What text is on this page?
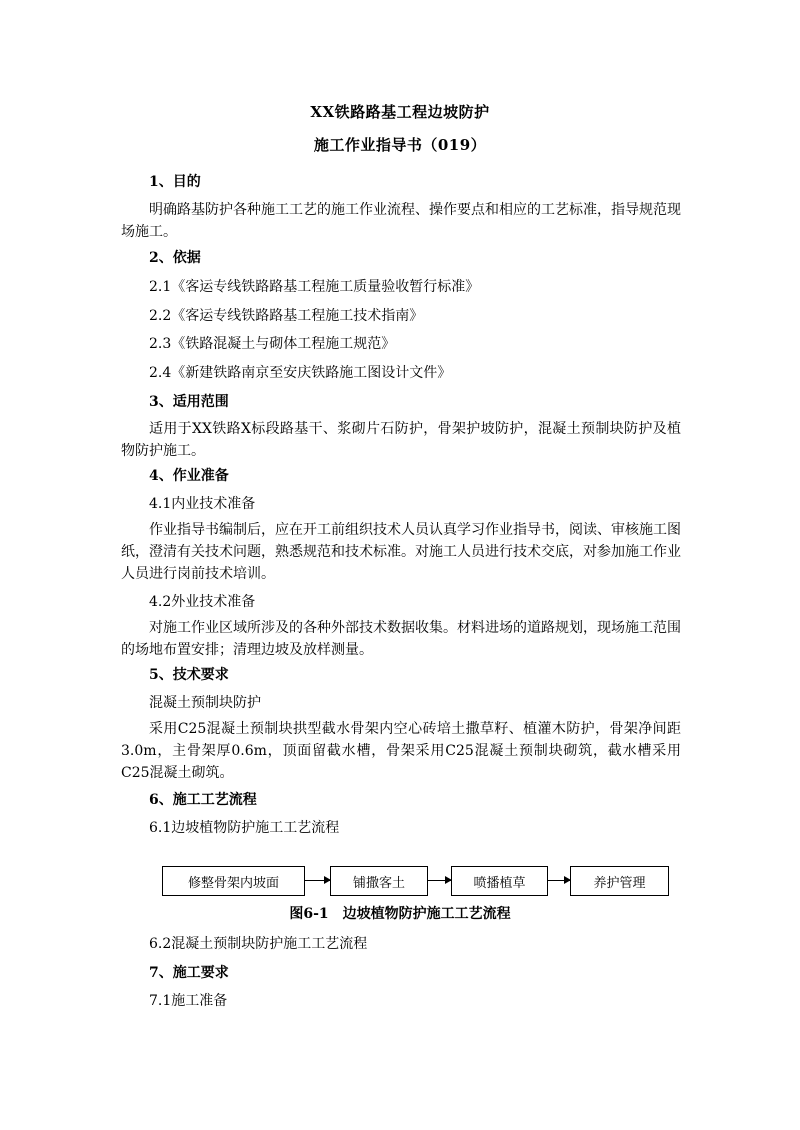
XX铁路路基工程边坡防护
施工作业指导书（019）
1、目的
明确路基防护各种施工工艺的施工作业流程、操作要点和相应的工艺标准，指导规范现场施工。
2、依据
2.1《客运专线铁路路基工程施工质量验收暂行标准》
2.2《客运专线铁路路基工程施工技术指南》
2.3《铁路混凝土与砌体工程施工规范》
2.4《新建铁路南京至安庆铁路施工图设计文件》
3、适用范围
适用于XX铁路X标段路基干、浆砌片石防护，骨架护坡防护，混凝土预制块防护及植物防护施工。
4、作业准备
4.1内业技术准备
作业指导书编制后，应在开工前组织技术人员认真学习作业指导书，阅读、审核施工图纸，澄清有关技术问题，熟悉规范和技术标准。对施工人员进行技术交底，对参加施工作业人员进行岗前技术培训。
4.2外业技术准备
对施工作业区域所涉及的各种外部技术数据收集。材料进场的道路规划，现场施工范围的场地布置安排；清理边坡及放样测量。
5、技术要求
混凝土预制块防护
采用C25混凝土预制块拱型截水骨架内空心砖培土撒草籽、植灌木防护，骨架净间距3.0m，主骨架厚0.6m，顶面留截水槽，骨架采用C25混凝土预制块砌筑，截水槽采用C25混凝土砌筑。
6、施工工艺流程
6.1边坡植物防护施工工艺流程
修整骨架内坡面	铺撒客土	喷播植草	养护管理
图6-1　边坡植物防护施工工艺流程
6.2混凝土预制块防护施工工艺流程
7、施工要求
7.1施工准备
